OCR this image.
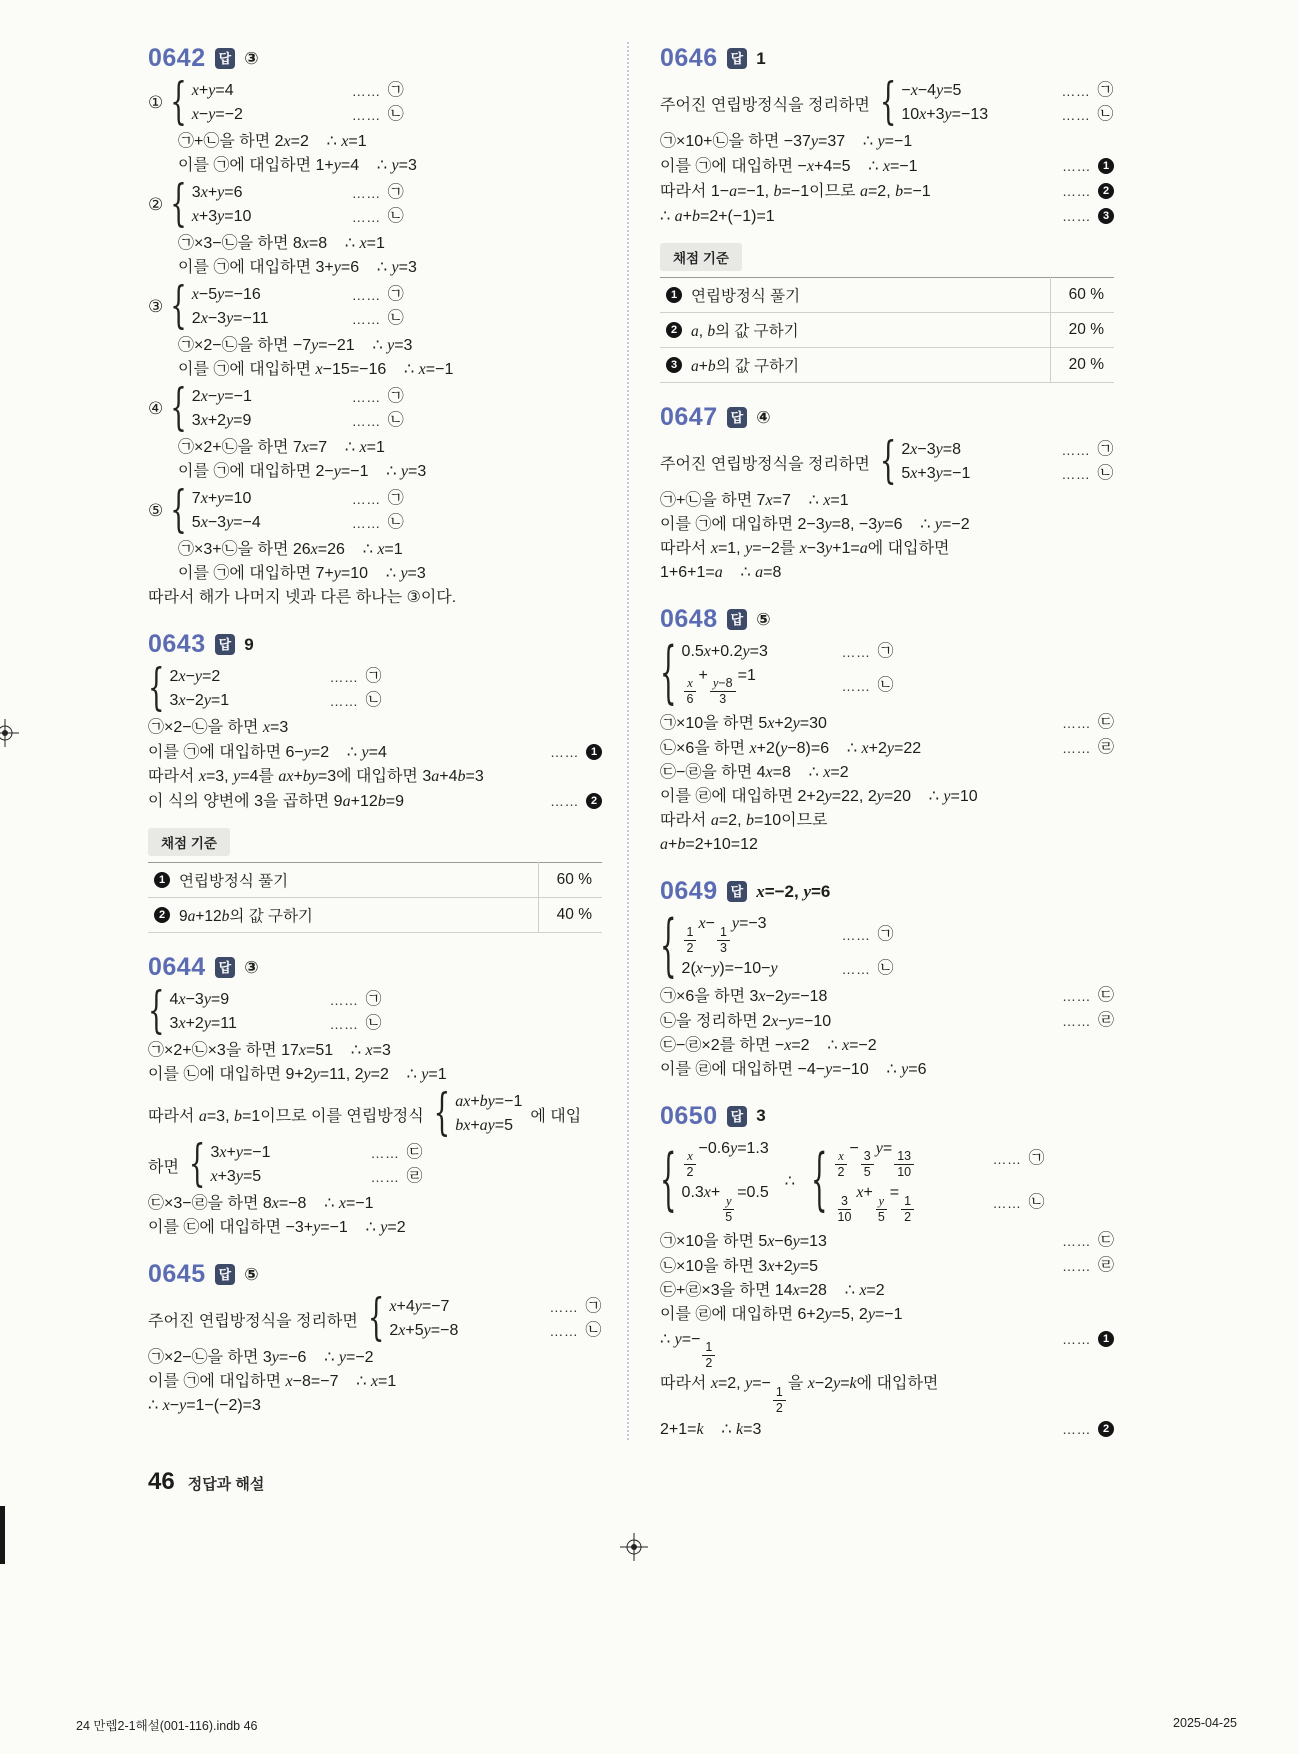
0642	답 ③
① { x+y=4	…… ㉠
x−y=−2	…… ㉡
㉠+㉡을 하면 2x=2    ∴ x=1
이를 ㉠에 대입하면 1+y=4    ∴ y=3
② { 3x+y=6	…… ㉠
x+3y=10	…… ㉡
㉠×3−㉡을 하면 8x=8    ∴ x=1
이를 ㉠에 대입하면 3+y=6    ∴ y=3
③ { x−5y=−16	…… ㉠
2x−3y=−11	…… ㉡
㉠×2−㉡을 하면 −7y=−21    ∴ y=3
이를 ㉠에 대입하면 x−15=−16    ∴ x=−1
④ { 2x−y=−1	…… ㉠
3x+2y=9	…… ㉡
㉠×2+㉡을 하면 7x=7    ∴ x=1
이를 ㉠에 대입하면 2−y=−1    ∴ y=3
⑤ { 7x+y=10	…… ㉠
5x−3y=−4	…… ㉡
㉠×3+㉡을 하면 26x=26    ∴ x=1
이를 ㉠에 대입하면 7+y=10    ∴ y=3
따라서 해가 나머지 넷과 다른 하나는 ③이다.
0643	답 9
{ 2x−y=2	…… ㉠
3x−2y=1	…… ㉡
㉠×2−㉡을 하면 x=3
이를 ㉠에 대입하면 6−y=2    ∴ y=4	……	1
따라서 x=3, y=4를 ax+by=3에 대입하면 3a+4b=3
이 식의 양변에 3을 곱하면 9a+12b=9	……	2
채점 기준
1 연립방정식 풀기	60 %

2 9a+12b의 값 구하기	40 %
0644	답 ③
{ 4x−3y=9	…… ㉠
3x+2y=11	…… ㉡
㉠×2+㉡×3을 하면 17x=51    ∴ x=3
이를 ㉡에 대입하면 9+2y=11, 2y=2    ∴ y=1
따라서 a=3, b=1이므로 이를 연립방정식 { ax+by=−1
bx+ay=5
에 대입
하면 { 3x+y=−1	…… ㉢
x+3y=5	…… ㉣
㉢×3−㉣을 하면 8x=−8    ∴ x=−1
이를 ㉢에 대입하면 −3+y=−1    ∴ y=2
0645	답 ⑤
주어진 연립방정식을 정리하면 { x+4y=−7	…… ㉠
2x+5y=−8	…… ㉡
㉠×2−㉡을 하면 3y=−6    ∴ y=−2
이를 ㉠에 대입하면 x−8=−7    ∴ x=1
∴ x−y=1−(−2)=3
0646	답 1
주어진 연립방정식을 정리하면 { −x−4y=5	…… ㉠
10x+3y=−13	…… ㉡
㉠×10+㉡을 하면 −37y=37    ∴ y=−1
이를 ㉠에 대입하면 −x+4=5    ∴ x=−1	……	1
따라서 1−a=−1, b=−1이므로 a=2, b=−1	……	2
∴ a+b=2+(−1)=1	……	3
채점 기준
1 연립방정식 풀기	60 %

2 a, b의 값 구하기	20 %

3 a+b의 값 구하기	20 %
0647	답 ④
주어진 연립방정식을 정리하면 { 2x−3y=8	…… ㉠
5x+3y=−1	…… ㉡
㉠+㉡을 하면 7x=7    ∴ x=1
이를 ㉠에 대입하면 2−3y=8, −3y=6    ∴ y=−2
따라서 x=1, y=−2를 x−3y+1=a에 대입하면
1+6+1=a    ∴ a=8
0648	답 ⑤
{ 0.5x+0.2y=3	…… ㉠
$\frac{x}{6}$
+
$\frac{y-8}{3}$
=1
…… ㉡
㉠×10을 하면 5x+2y=30	…… ㉢
㉡×6을 하면 x+2(y−8)=6    ∴ x+2y=22	…… ㉣
㉢−㉣을 하면 4x=8    ∴ x=2
이를 ㉣에 대입하면 2+2y=22, 2y=20    ∴ y=10
따라서 a=2, b=10이므로
a+b=2+10=12
0649	답 x=−2, y=6
{ $\frac{1}{2}$
x−
$\frac{1}{3}$
y=−3
…… ㉠
2(x−y)=−10−y	…… ㉡
㉠×6을 하면 3x−2y=−18	…… ㉢
㉡을 정리하면 2x−y=−10	…… ㉣
㉢−㉣×2를 하면 −x=2    ∴ x=−2
이를 ㉣에 대입하면 −4−y=−10    ∴ y=6
0650	답 3
{ $\frac{x}{2}$
−0.6y=1.3
0.3x+
$\frac{y}{5}$
=0.5
∴ { $\frac{x}{2}$
−
$\frac{3}{5}$
y=
$\frac{13}{10}$	…… ㉠
$\frac{3}{10}$
x+
$\frac{y}{5}$
=
$\frac{1}{2}$	…… ㉡
㉠×10을 하면 5x−6y=13	…… ㉢
㉡×10을 하면 3x+2y=5	…… ㉣
㉢+㉣×3을 하면 14x=28    ∴ x=2
이를 ㉣에 대입하면 6+2y=5, 2y=−1
∴ y=−
$\frac{1}{2}$
……	1
따라서 x=2, y=−
$\frac{1}{2}$
을 x−2y=k에 대입하면
2+1=k    ∴ k=3	……	2
46 정답과 해설
24 만렙2-1해설(001-116).indb 46	2025-04-25
